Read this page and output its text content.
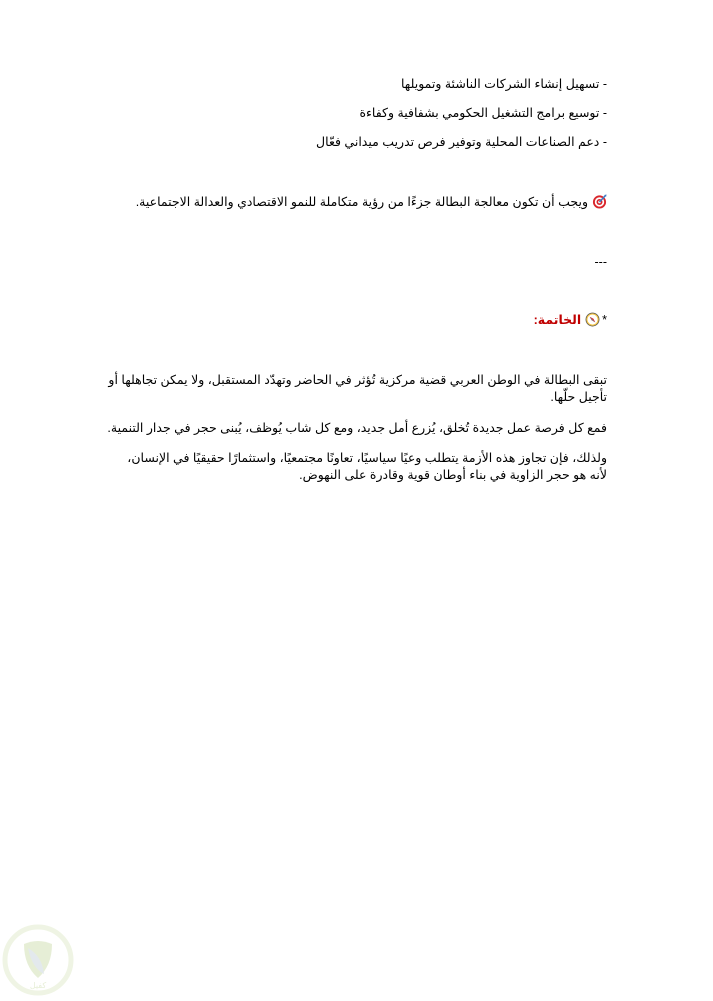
- تسهيل إنشاء الشركات الناشئة وتمويلها
- توسيع برامج التشغيل الحكومي بشفافية وكفاءة
- دعم الصناعات المحلية وتوفير فرص تدريب ميداني فعّال
ويجب أن تكون معالجة البطالة جزءًا من رؤية متكاملة للنمو الاقتصادي والعدالة الاجتماعية.
---
*الخاتمة:
تبقى البطالة في الوطن العربي قضية مركزية تُؤثر في الحاضر وتهدّد المستقبل، ولا يمكن تجاهلها أو تأجيل حلّها.
فمع كل فرصة عمل جديدة تُخلق، يُزرع أمل جديد، ومع كل شاب يُوظف، يُبنى حجر في جدار التنمية.
ولذلك، فإن تجاوز هذه الأزمة يتطلب وعيًا سياسيًا، تعاونًا مجتمعيًا، واستثمارًا حقيقيًا في الإنسان، لأنه هو حجر الزاوية في بناء أوطان قوية وقادرة على النهوض.
كفيل
